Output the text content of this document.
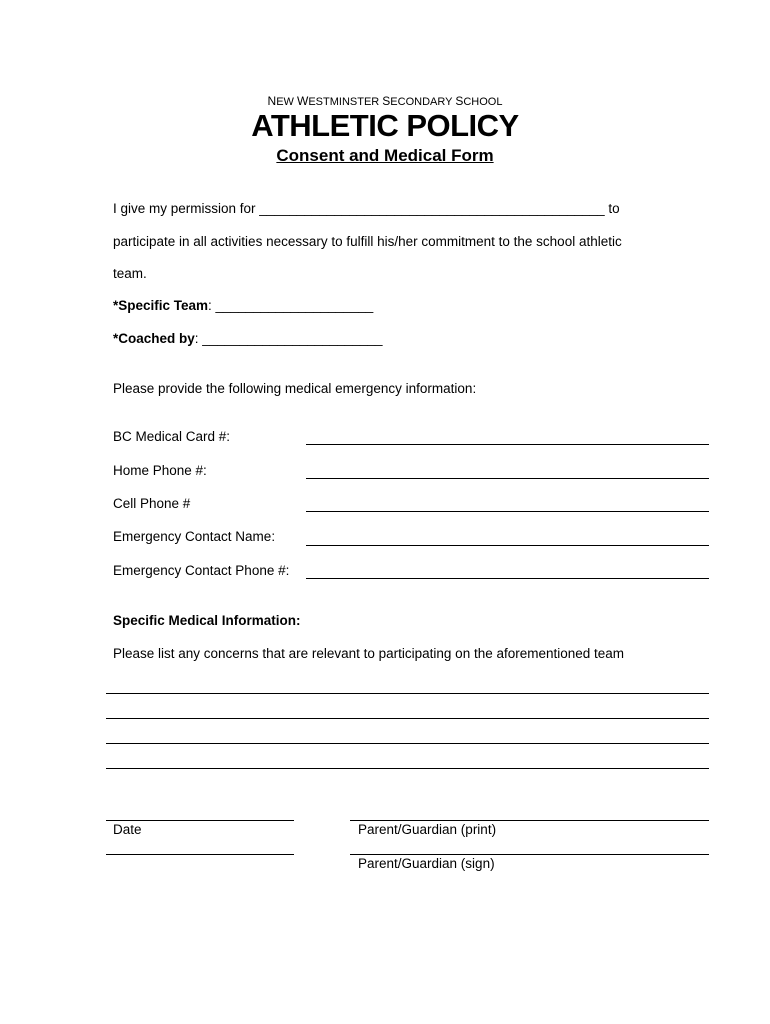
NEW WESTMINSTER SECONDARY SCHOOL
ATHLETIC POLICY
Consent and Medical Form
I give my permission for ______________________________________________ to
participate in all activities necessary to fulfill his/her commitment to the school athletic
team.
*Specific Team: _____________________
*Coached by: ________________________
Please provide the following medical emergency information:
BC Medical Card #:
Home Phone #:
Cell Phone #
Emergency Contact Name:
Emergency Contact Phone #:
Specific Medical Information:
Please list any concerns that are relevant to participating on the aforementioned team
Date	Parent/Guardian (print)
Parent/Guardian (sign)
